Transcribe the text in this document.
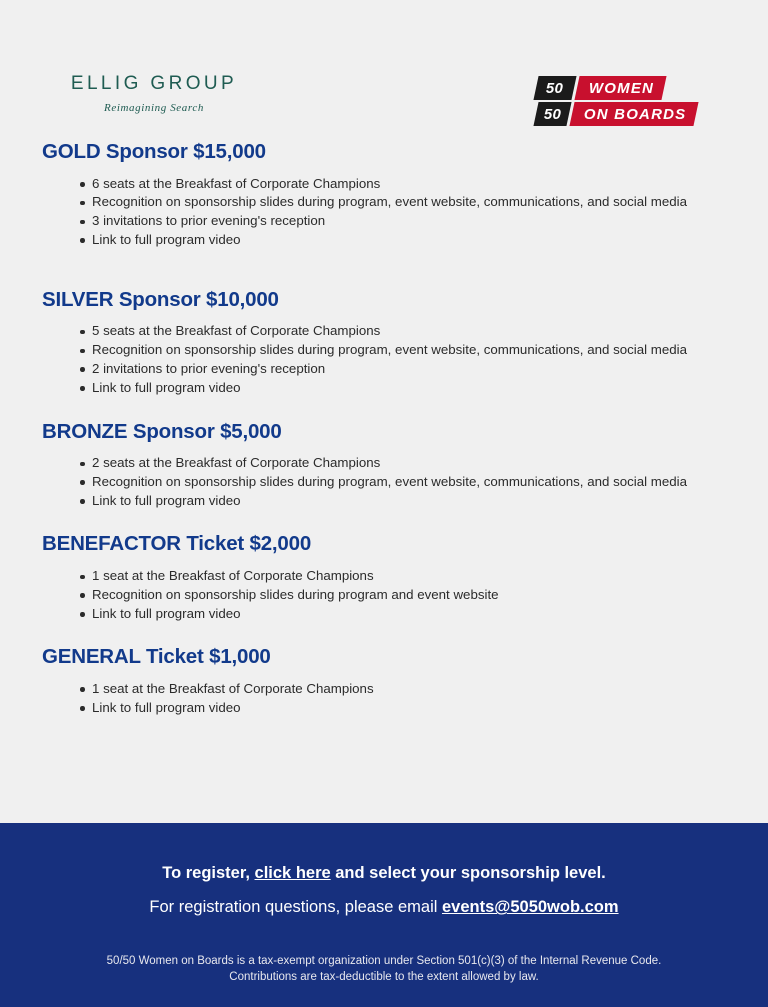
ELLIG GROUP
Reimagining Search
50 WOMEN
50 ON BOARDS
GOLD Sponsor $15,000
6 seats at the Breakfast of Corporate Champions
Recognition on sponsorship slides during program, event website, communications, and social media
3 invitations to prior evening's reception
Link to full program video
SILVER Sponsor $10,000
5 seats at the Breakfast of Corporate Champions
Recognition on sponsorship slides during program, event website, communications, and social media
2 invitations to prior evening's reception
Link to full program video
BRONZE Sponsor $5,000
2 seats at the Breakfast of Corporate Champions
Recognition on sponsorship slides during program, event website, communications, and social media
Link to full program video
BENEFACTOR Ticket $2,000
1 seat at the Breakfast of Corporate Champions
Recognition on sponsorship slides during program and event website
Link to full program video
GENERAL Ticket $1,000
1 seat at the Breakfast of Corporate Champions
Link to full program video
To register, click here and select your sponsorship level.
For registration questions, please email events@5050wob.com
50/50 Women on Boards is a tax-exempt organization under Section 501(c)(3) of the Internal Revenue Code. Contributions are tax-deductible to the extent allowed by law.
